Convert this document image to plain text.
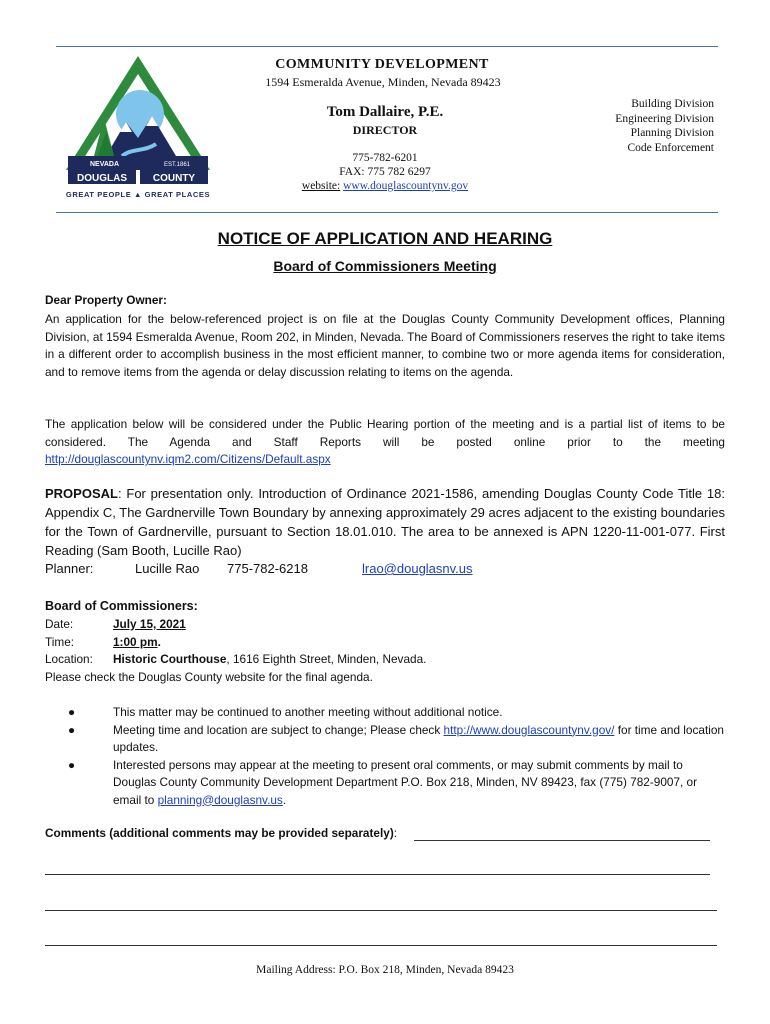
NEVADA	EST.1861
DOUGLAS	COUNTY
GREAT PEOPLE ▲ GREAT PLACES
COMMUNITY DEVELOPMENT
1594 Esmeralda Avenue, Minden, Nevada 89423
Tom Dallaire, P.E.
DIRECTOR
775-782-6201
FAX: 775 782 6297
website: www.douglascountynv.gov
Building Division
Engineering Division
Planning Division
Code Enforcement
NOTICE OF APPLICATION AND HEARING
Board of Commissioners Meeting
Dear Property Owner:
An application for the below-referenced project is on file at the Douglas County Community Development offices, Planning Division, at 1594 Esmeralda Avenue, Room 202, in Minden, Nevada. The Board of Commissioners reserves the right to take items in a different order to accomplish business in the most efficient manner, to combine two or more agenda items for consideration, and to remove items from the agenda or delay discussion relating to items on the agenda.
The application below will be considered under the Public Hearing portion of the meeting and is a partial list of items to be considered. The Agenda and Staff Reports will be posted online prior to the meeting
http://douglascountynv.iqm2.com/Citizens/Default.aspx
PROPOSAL: For presentation only. Introduction of Ordinance 2021-1586, amending Douglas County Code Title 18: Appendix C, The Gardnerville Town Boundary by annexing approximately 29 acres adjacent to the existing boundaries for the Town of Gardnerville, pursuant to Section 18.01.010. The area to be annexed is APN 1220-11-001-077. First Reading (Sam Booth, Lucille Rao)
Planner:	Lucille Rao 775-782-6218	lrao@douglasnv.us
Board of Commissioners:
Date:	July 15, 2021
Time:	1:00 pm.
Location: Historic Courthouse, 1616 Eighth Street, Minden, Nevada.
Please check the Douglas County website for the final agenda.
●	This matter may be continued to another meeting without additional notice.
●	Meeting time and location are subject to change; Please check http://www.douglascountynv.gov/ for time and location updates.
●	Interested persons may appear at the meeting to present oral comments, or may submit comments by mail to Douglas County Community Development Department P.O. Box 218, Minden, NV 89423, fax (775) 782-9007, or email to planning@douglasnv.us.
Comments (additional comments may be provided separately):
Mailing Address: P.O. Box 218, Minden, Nevada 89423
